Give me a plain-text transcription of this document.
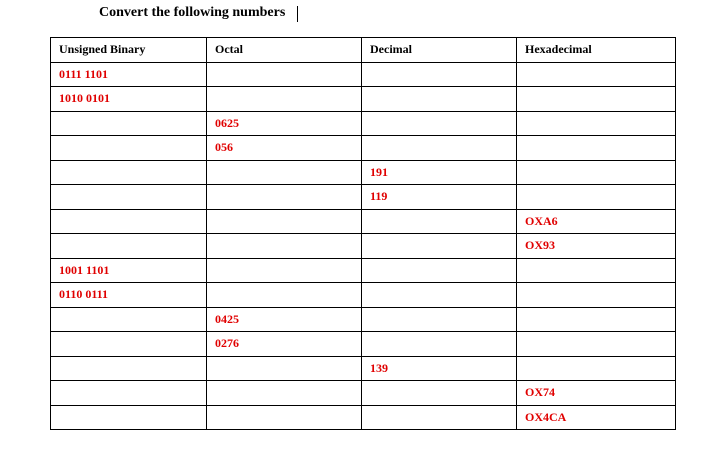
Convert the following numbers
Unsigned Binary	Octal	Decimal	Hexadecimal
0111 1101			
1010 0101			
	0625		
	056		
		191	
		119	
			OXA6
			OX93
1001 1101			
0110 0111			
	0425		
	0276		
		139	
			OX74
			OX4CA
